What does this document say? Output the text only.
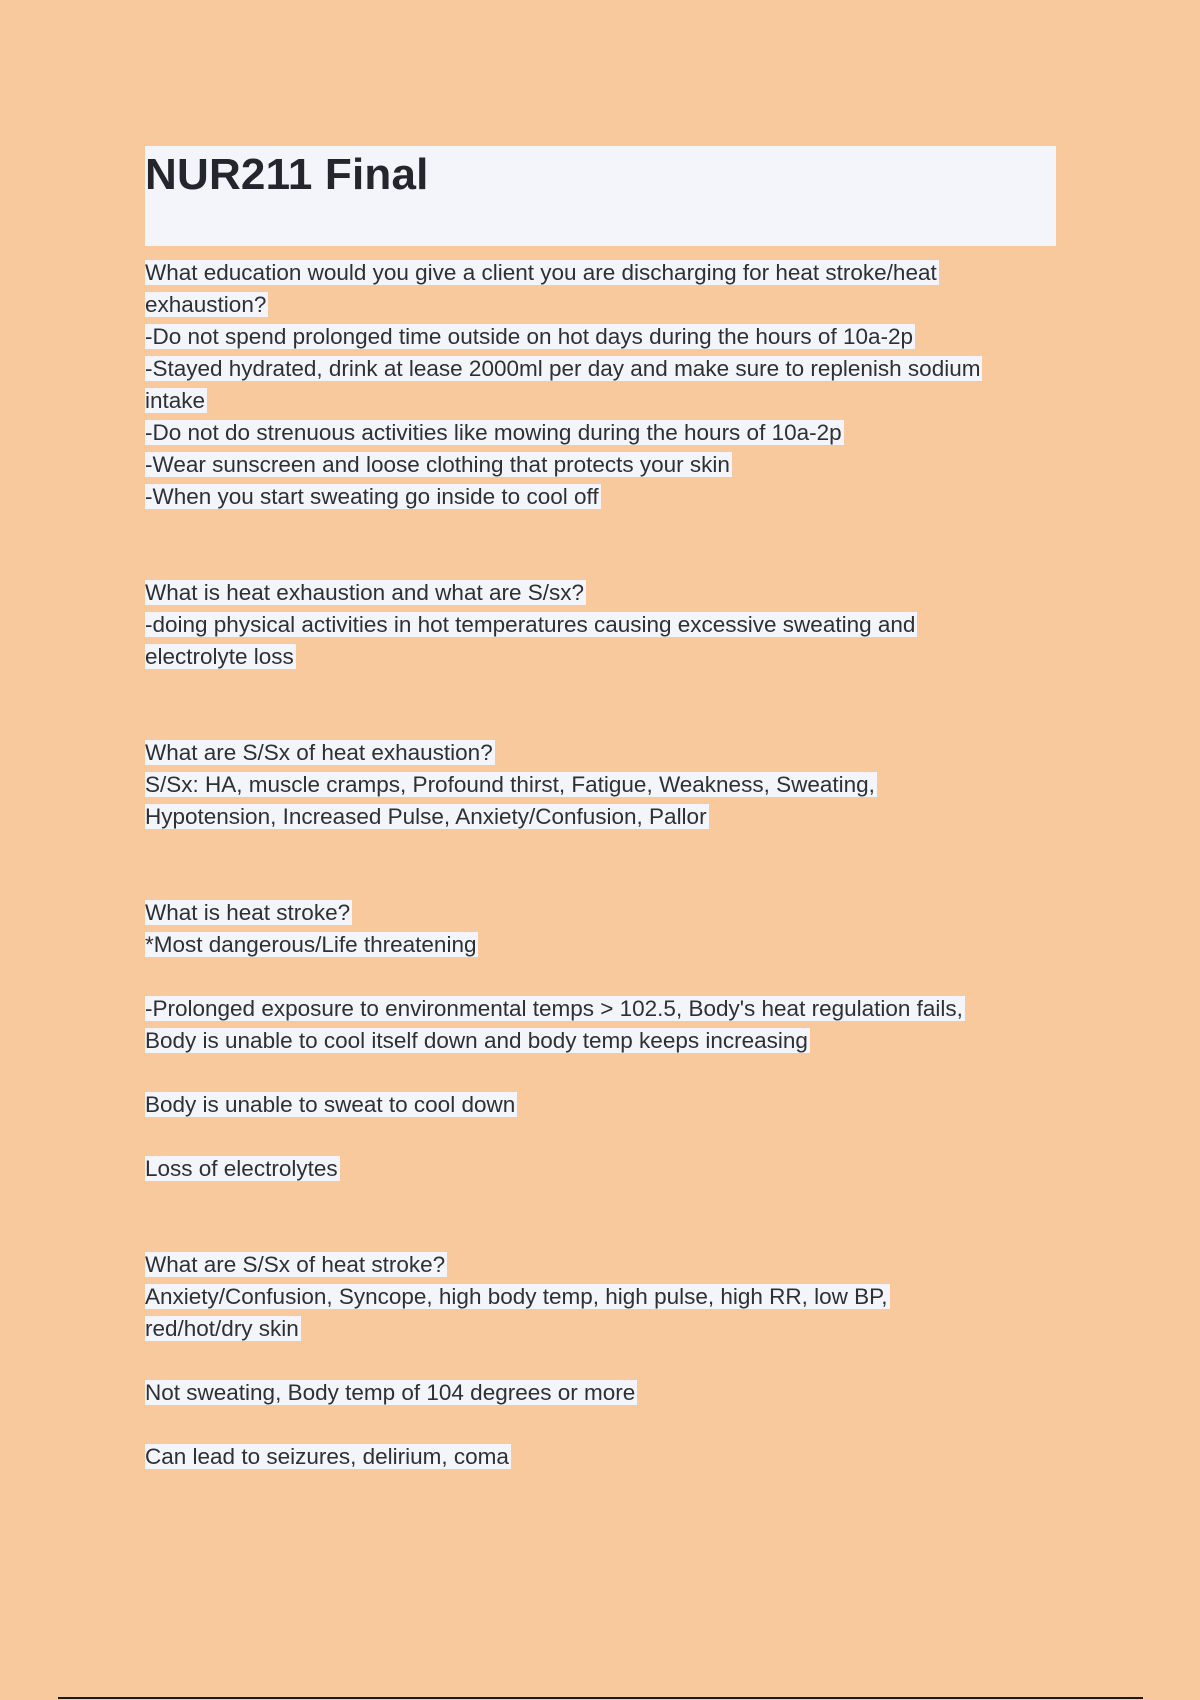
NUR211 Final
What education would you give a client you are discharging for heat stroke/heat
exhaustion?
-Do not spend prolonged time outside on hot days during the hours of 10a-2p
-Stayed hydrated, drink at lease 2000ml per day and make sure to replenish sodium
intake
-Do not do strenuous activities like mowing during the hours of 10a-2p
-Wear sunscreen and loose clothing that protects your skin
-When you start sweating go inside to cool off
What is heat exhaustion and what are S/sx?
-doing physical activities in hot temperatures causing excessive sweating and
electrolyte loss
What are S/Sx of heat exhaustion?
S/Sx: HA, muscle cramps, Profound thirst, Fatigue, Weakness, Sweating,
Hypotension, Increased Pulse, Anxiety/Confusion, Pallor
What is heat stroke?
*Most dangerous/Life threatening
-Prolonged exposure to environmental temps > 102.5, Body's heat regulation fails,
Body is unable to cool itself down and body temp keeps increasing
Body is unable to sweat to cool down
Loss of electrolytes
What are S/Sx of heat stroke?
Anxiety/Confusion, Syncope, high body temp, high pulse, high RR, low BP,
red/hot/dry skin
Not sweating, Body temp of 104 degrees or more
Can lead to seizures, delirium, coma
